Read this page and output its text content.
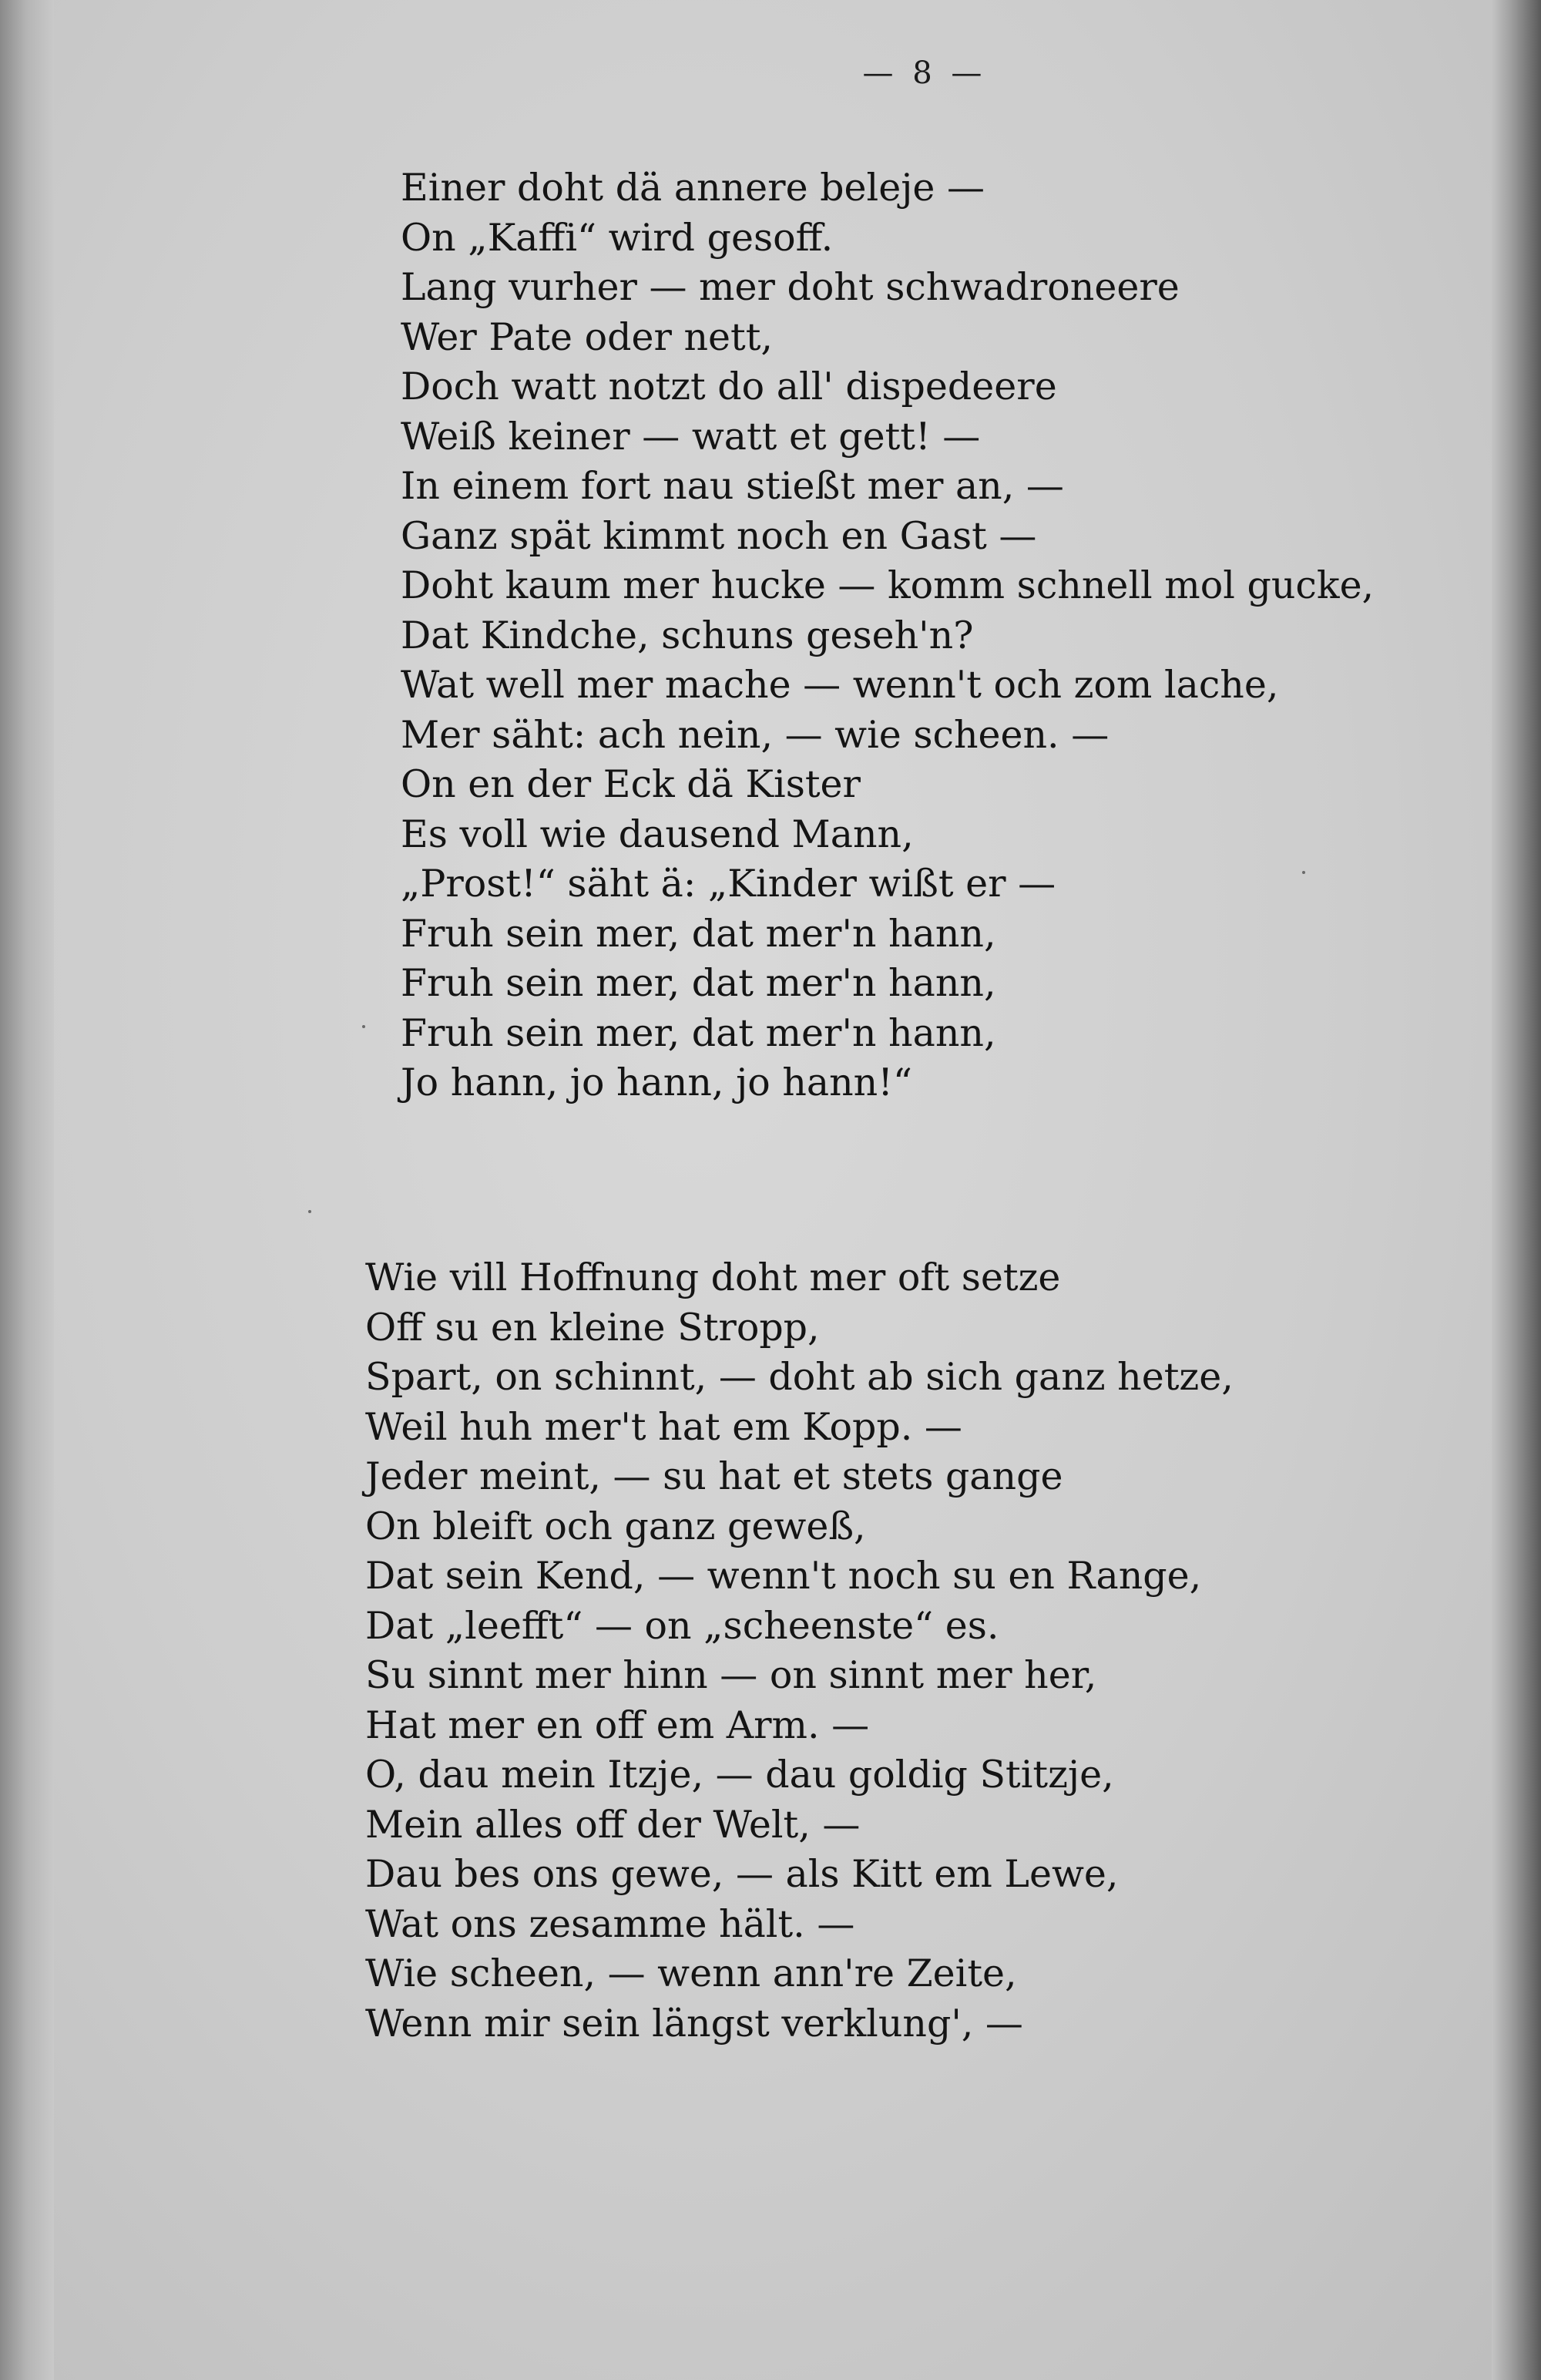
— 8 —
Einer doht dä annere beleje —
On „Kaffi“ wird gesoff.
Lang vurher — mer doht schwadroneere
Wer Pate oder nett,
Doch watt notzt do all' dispedeere
Weiß keiner — watt et gett! —
In einem fort nau stießt mer an, —
Ganz spät kimmt noch en Gast —
Doht kaum mer hucke — komm schnell mol gucke,
Dat Kindche, schuns geseh'n?
Wat well mer mache — wenn't och zom lache,
Mer säht: ach nein, — wie scheen. —
On en der Eck dä Kister
Es voll wie dausend Mann,
„Prost!“ säht ä: „Kinder wißt er —
Fruh sein mer, dat mer'n hann,
Fruh sein mer, dat mer'n hann,
Fruh sein mer, dat mer'n hann,
Jo hann, jo hann, jo hann!“
Wie vill Hoffnung doht mer oft setze
Off su en kleine Stropp,
Spart, on schinnt, — doht ab sich ganz hetze,
Weil huh mer't hat em Kopp. —
Jeder meint, — su hat et stets gange
On bleift och ganz geweß,
Dat sein Kend, — wenn't noch su en Range,
Dat „leefft“ — on „scheenste“ es.
Su sinnt mer hinn — on sinnt mer her,
Hat mer en off em Arm. —
O, dau mein Itzje, — dau goldig Stitzje,
Mein alles off der Welt, —
Dau bes ons gewe, — als Kitt em Lewe,
Wat ons zesamme hält. —
Wie scheen, — wenn ann're Zeite,
Wenn mir sein längst verklung', —
